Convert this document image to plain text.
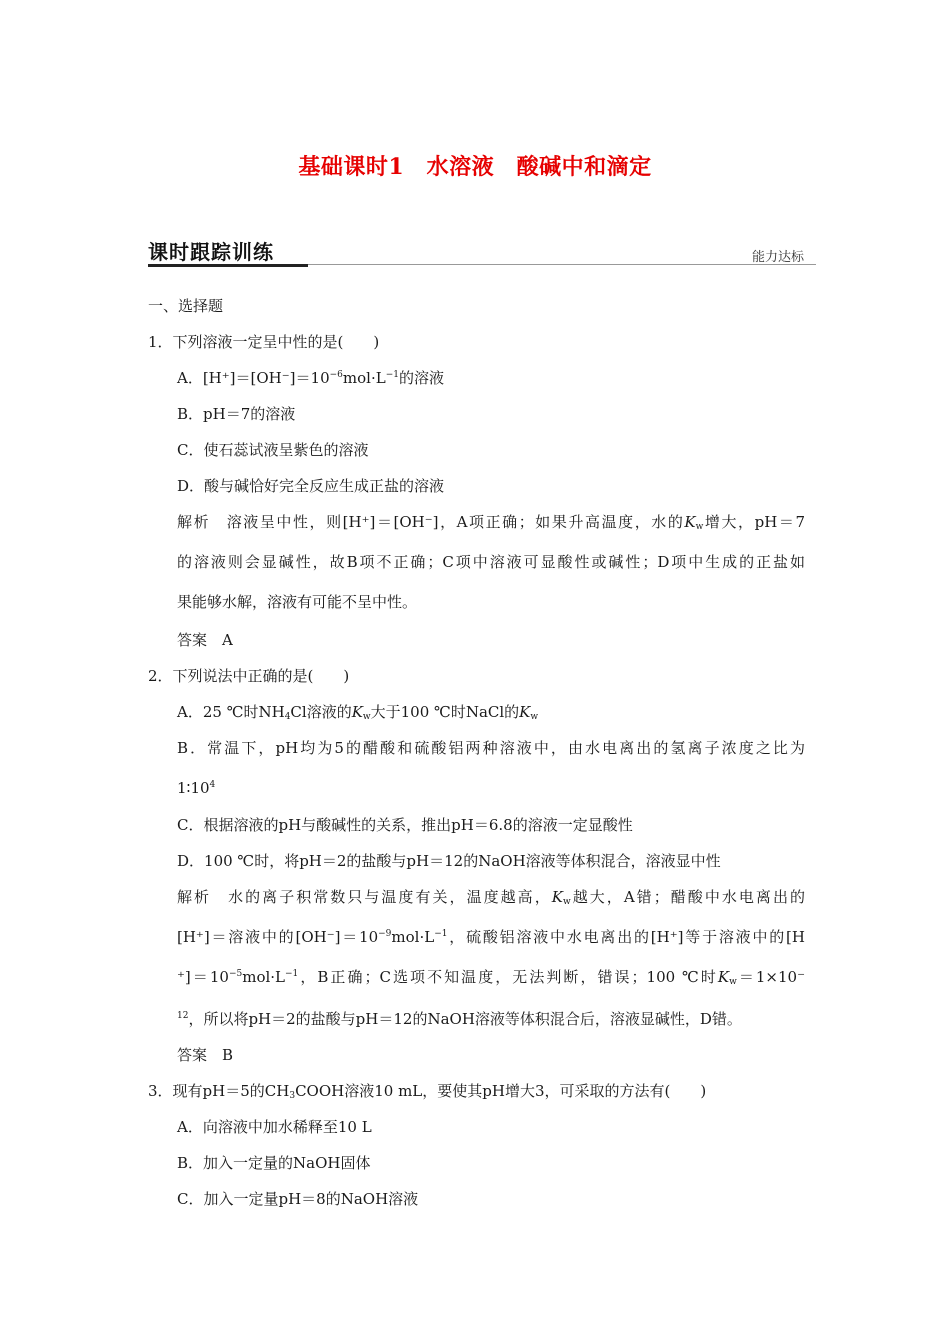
基础课时1　水溶液　酸碱中和滴定
课时跟踪训练	能力达标
一、选择题
1．下列溶液一定呈中性的是(　　)
A．$[H^+]=[OH^-]=10^{-6}mol\cdot L^{-1}$的溶液
B．pH＝7的溶液
C．使石蕊试液呈紫色的溶液
D．酸与碱恰好完全反应生成正盐的溶液
解析　溶液呈中性，则[H⁺]＝[OH⁻]，A项正确；如果升高温度，水的$K_w$增大，pH＝7
的溶液则会显碱性，故B项不正确；C项中溶液可显酸性或碱性；D项中生成的正盐如
果能够水解，溶液有可能不呈中性。
答案　A
2．下列说法中正确的是(　　)
A．25 ℃时$NH_4Cl$溶液的$K_w$大于100 ℃时NaCl的$K_w$
B．常温下，pH均为5的醋酸和硫酸铝两种溶液中，由水电离出的氢离子浓度之比为
$1∶10^4$
C．根据溶液的pH与酸碱性的关系，推出pH＝6.8的溶液一定显酸性
D．100 ℃时，将pH＝2的盐酸与pH＝12的NaOH溶液等体积混合，溶液显中性
解析　水的离子积常数只与温度有关，温度越高，$K_w$越大，A错；醋酸中水电离出的
[H⁺]＝溶液中的$[OH^-]=10^{-9}mol\cdot L^{-1}$，硫酸铝溶液中水电离出的[H⁺]等于溶液中的[H
$^+]=10^{-5}mol\cdot L^{-1}$，B正确；C选项不知温度，无法判断，错误；100 ℃时$K_w=1\times 10^-$
$^{12}$，所以将pH＝2的盐酸与pH＝12的NaOH溶液等体积混合后，溶液显碱性，D错。
答案　B
3．现有pH＝5的$CH_3COOH$溶液10 mL，要使其pH增大3，可采取的方法有(　　)
A．向溶液中加水稀释至10 L
B．加入一定量的NaOH固体
C．加入一定量pH＝8的NaOH溶液
